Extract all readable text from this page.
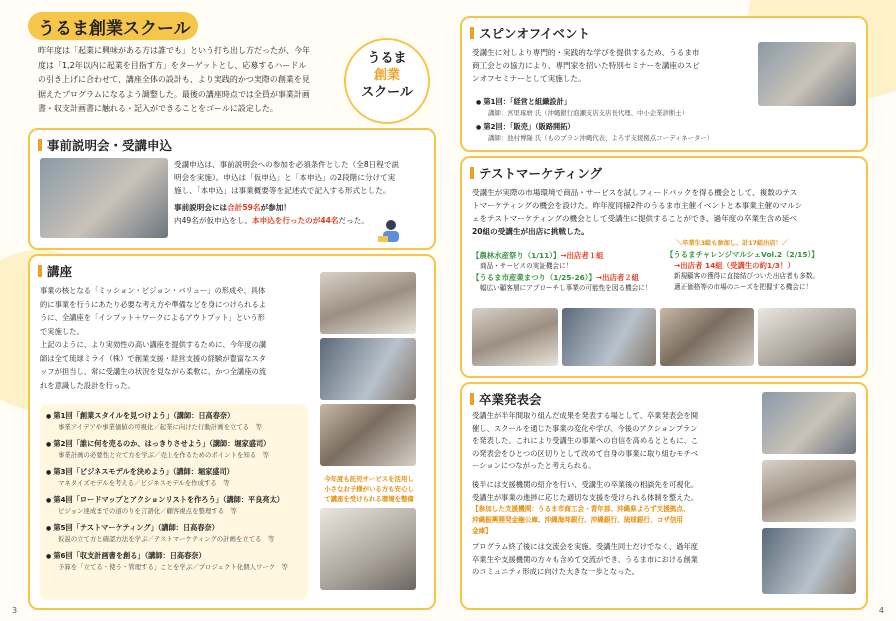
うるま創業スクール
昨年度は「起業に興味がある方は誰でも」という打ち出し方だったが、今年
度は「1,2年以内に起業を目指す方」をターゲットとし、応募するハードル
の引き上げに合わせて、講座全体の設計も、より実践的かつ実際の創業を見
据えたプログラムになるよう調整した。最後の講座時点では全員が事業計画
書・収支計画書に触れる・記入ができることをゴールに設定した。
うるま
創業
スクール
事前説明会・受講申込
受講申込は、事前説明会への参加を必須条件とした（全8日程で説
明会を実施）。申込は「仮申込」と「本申込」の2段階に分けて実
施し、「本申込」は事業概要等を記述式で記入する形式とした。
事前説明会には合計59名が参加！
内49名が仮申込をし、本申込を行ったのが44名だった。
講座
事業の核となる「ミッション・ビジョン・バリュー」の形成や、具体
的に事業を行うにあたり必要な考え方や準備などを身につけられるよ
うに、全講座を「インプット＋ワークによるアウトプット」という形
で実施した。
上記のように、より実効性の高い講座を提供するために、今年度の講
師は全て琉球ミライ（株）で創業支援・経営支援の経験が豊富なスタ
ッフが担当し、常に受講生の状況を見ながら柔軟に、かつ全講座の流
れを意識した設計を行った。
今年度も託児サービスを活用し
小さなお子様がいる方も安心し
て講座を受けられる環境を整備
● 第1回「創業スタイルを見つけよう」（講師：日高春奈）
事業アイデアや事業価値の可視化／起業に向けた行動計画を立てる　等
● 第2回「誰に何を売るのか、はっきりさせよう」（講師：堀家盛司）
事業計画の必要性と立て方を学ぶ／売上を作るためのポイントを知る　等
● 第3回「ビジネスモデルを決めよう」（講師：堀家盛司）
マネタイズモデルを考える／ビジネスモデルを作成する　等
● 第4回「ロードマップとアクションリストを作ろう」（講師：平良亮太）
ビジョン達成までの道のりを言語化／顧客視点を整理する　等
● 第5回「テストマーケティング」（講師：日高春奈）
仮説の立て方と確認方法を学ぶ／テストマーケティングの計画を立てる　等
● 第6回「収支計画書を創る」（講師：日高春奈）
予算を「立てる・使う・管理する」ことを学ぶ／プロジェクト化個人ワーク　等
3
スピンオフイベント
受講生に対しより専門的・実践的な学びを提供するため、うるま市
商工会との協力により、専門家を招いた特別セミナーを講座のスピ
ンオフセミナーとして実施した。
● 第1回：「経営と組織設計」
講師：宮里琢磨 氏（沖縄銀行泡瀬支店支店長代理、中小企業診断士）
● 第2回：「販売」（販路開拓）
講師：池村博隆 氏（ものプラン沖縄代表、よろず支援拠点コーディネーター）
テストマーケティング
受講生が実際の市場環境で商品・サービスを試しフィードバックを得る機会として、複数のテス
トマーケティングの機会を設けた。昨年度同様2件のうるま市主催イベントと本事業主催のマルシ
ェをテストマーケティングの機会として受講生に提供することができ、過年度の卒業生含め延べ
20組の受講生が出店に挑戦した。
【農林水産祭り（1/11）】→出店者１組
商品・サービスの実証機会に！
【うるま市産業まつり（1/25-26）】→出店者２組
幅広い顧客層にアプローチし事業の可能性を図る機会に！
＼卒業生3組も参加し、計17組出店！／
【うるまチャレンジマルシェVol.2（2/15）】
→出店者 14組（受講生の約1/3！）
新規顧客の獲得に直接結びついた出店者も多数。
適正価格等の市場のニーズを把握する機会に！
卒業発表会
受講生が半年間取り組んだ成果を発表する場として、卒業発表会を開
催し、スクールを通じた事業の変化や学び、今後のアクションプラン
を発表した。これにより受講生の事業への自信を高めるとともに、こ
の発表会をひとつの区切りとして改めて自身の事業に取り組むモチベ
ーションにつながったと考えられる。
後半には支援機関の紹介を行い、受講生の卒業後の相談先を可視化。
受講生が事業の進捗に応じた適切な支援を受けられる体制を整えた。
【参加した支援機関：うるま市商工会・青年部、沖縄県よろず支援拠点、
沖縄振興開発金融公庫、沖縄海邦銀行、沖縄銀行、琉球銀行、コザ信用
金庫】
プログラム終了後には交流会を実施。受講生同士だけでなく、過年度
卒業生や支援機関の方々も含めて交流ができ、うるま市における創業
のコミュニティ形成に向けた大きな一歩となった。
4
